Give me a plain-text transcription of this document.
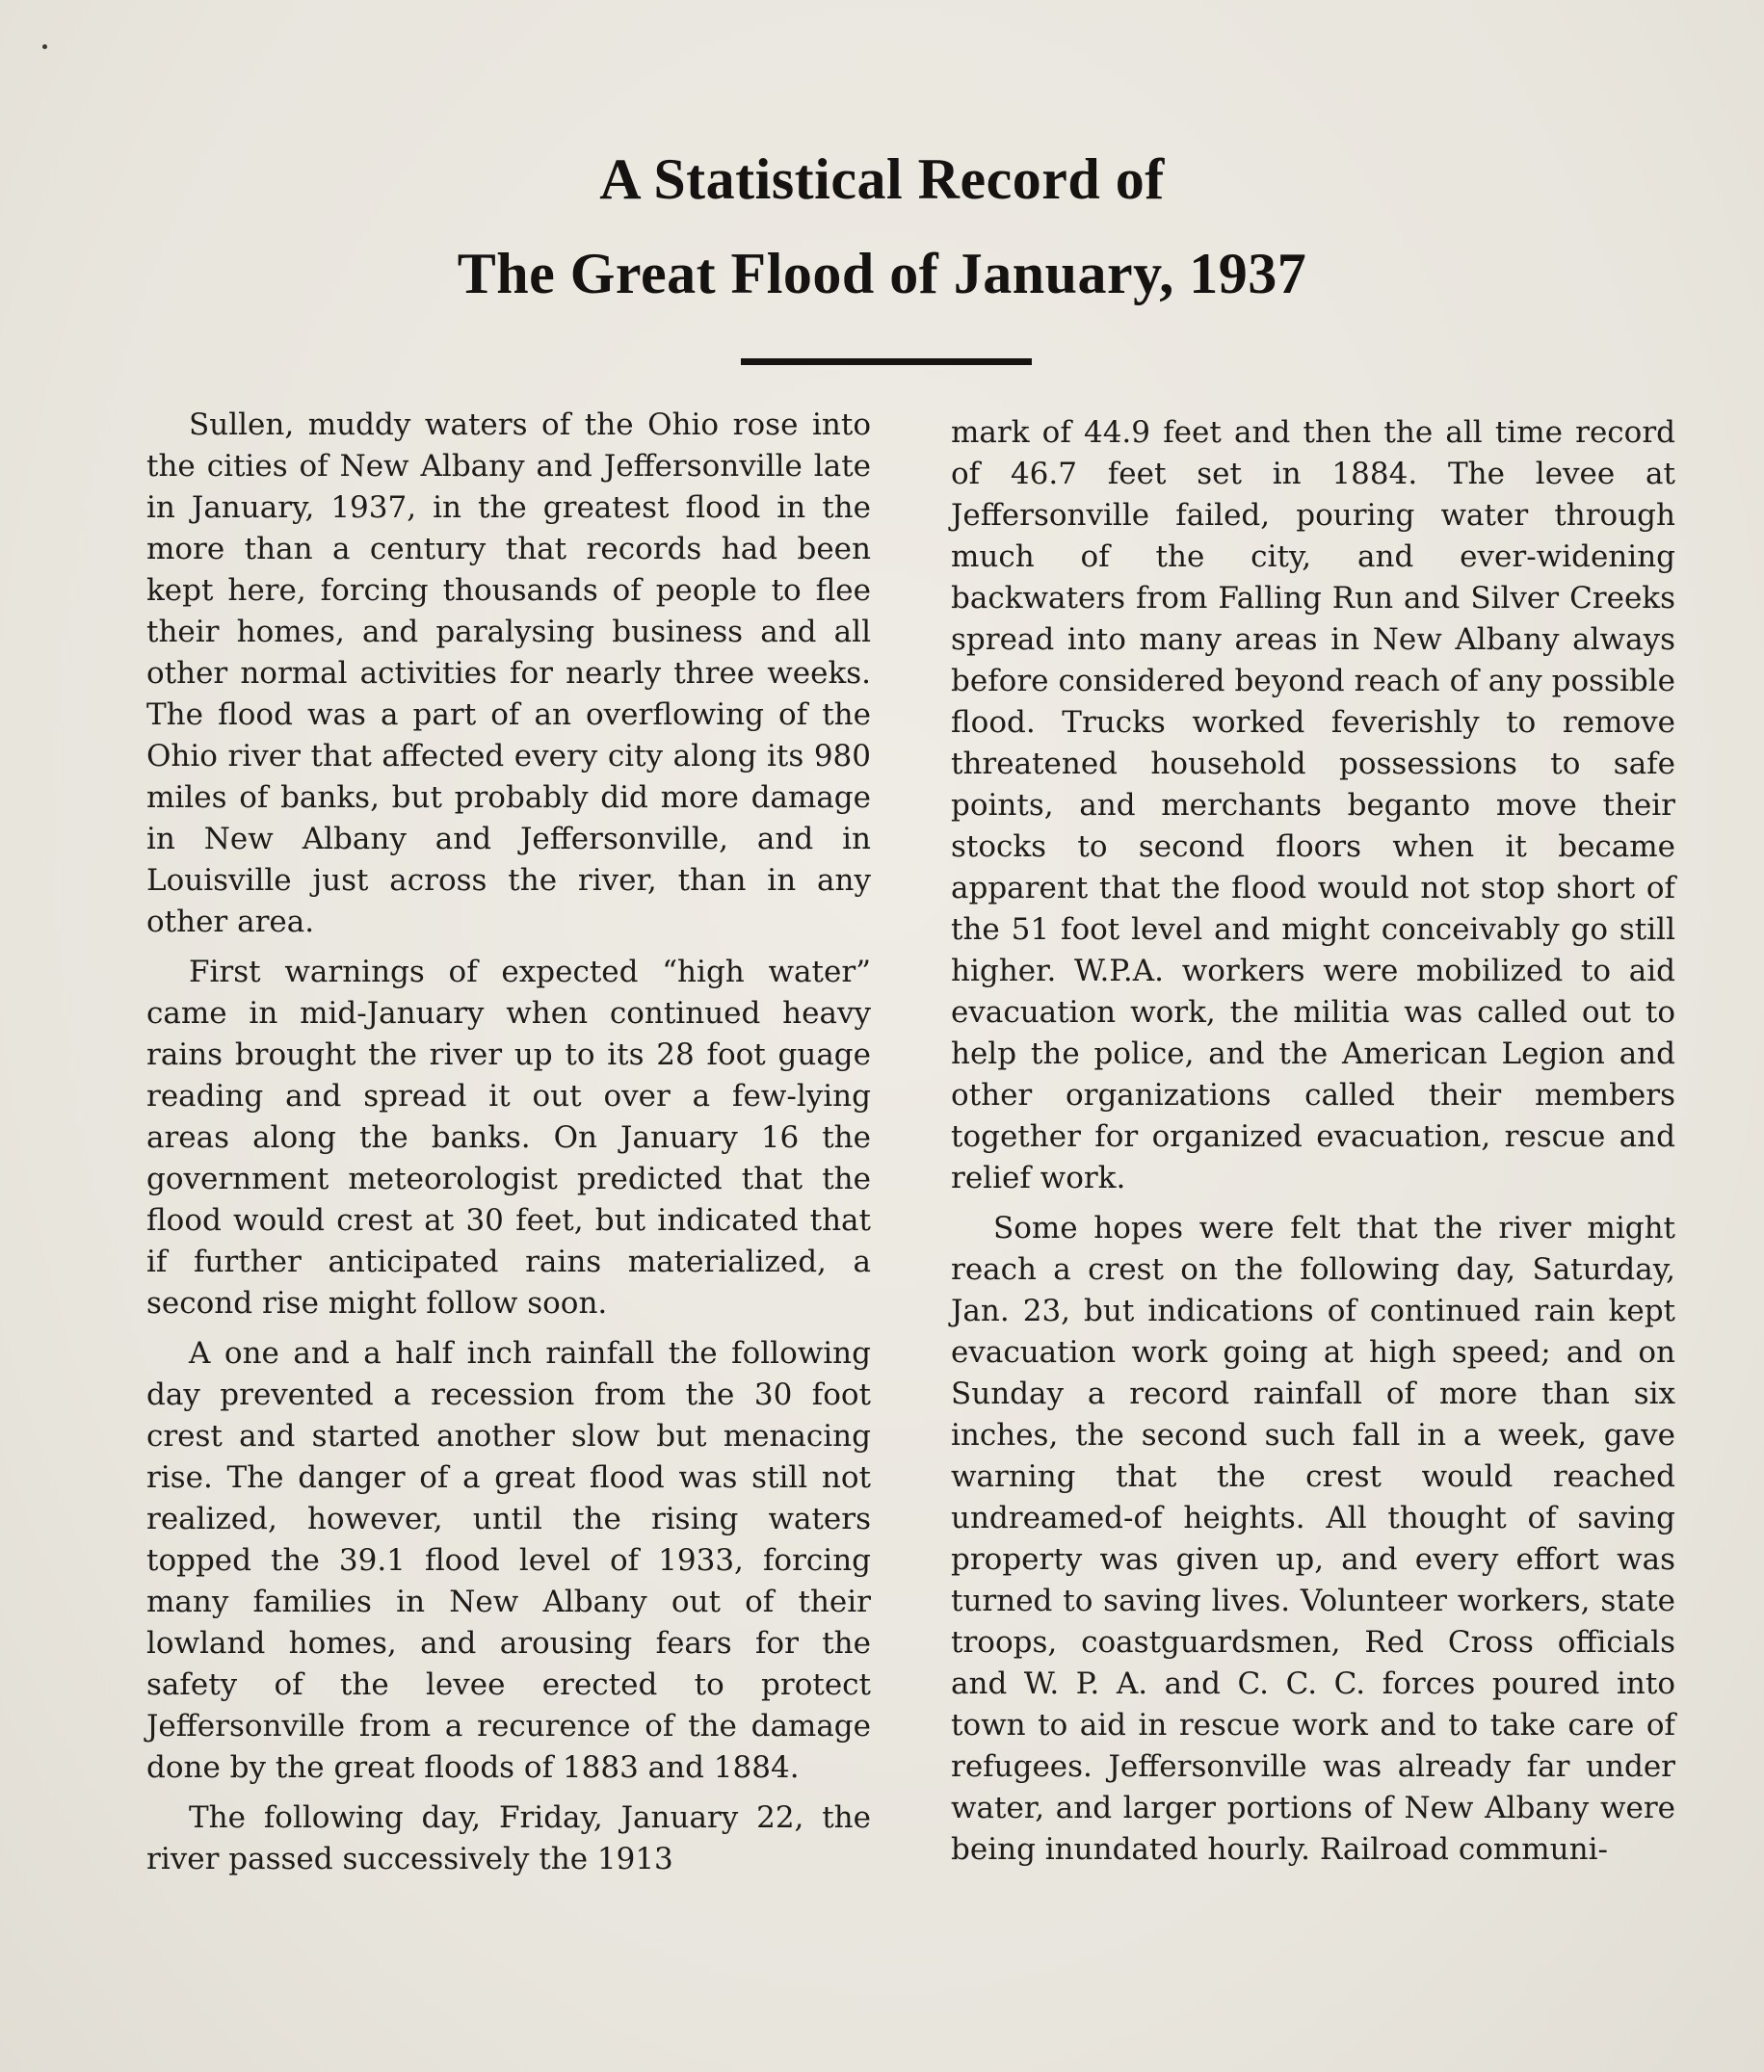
A Statistical Record of
The Great Flood of January, 1937

Sullen, muddy waters of the Ohio rose into the cities of New Albany and Jeffersonville late in January, 1937, in the greatest flood in the more than a century that records had been kept here, forcing thousands of people to flee their homes, and paralysing business and all other normal activities for nearly three weeks. The flood was a part of an overflowing of the Ohio river that affected every city along its 980 miles of banks, but probably did more damage in New Albany and Jeffersonville, and in Louisville just across the river, than in any other area.

First warnings of expected “high water” came in mid-January when continued heavy rains brought the river up to its 28 foot guage reading and spread it out over a few-lying areas along the banks. On January 16 the government meteorologist predicted that the flood would crest at 30 feet, but indicated that if further anticipated rains materialized, a second rise might follow soon.

A one and a half inch rainfall the following day prevented a recession from the 30 foot crest and started another slow but menacing rise. The danger of a great flood was still not realized, however, until the rising waters topped the 39.1 flood level of 1933, forcing many families in New Albany out of their lowland homes, and arousing fears for the safety of the levee erected to protect Jeffersonville from a recurence of the damage done by the great floods of 1883 and 1884.

The following day, Friday, January 22, the river passed successively the 1913

mark of 44.9 feet and then the all time record of 46.7 feet set in 1884. The levee at Jeffersonville failed, pouring water through much of the city, and ever-widening backwaters from Falling Run and Silver Creeks spread into many areas in New Albany always before considered beyond reach of any possible flood. Trucks worked feverishly to remove threatened household possessions to safe points, and merchants beganto move their stocks to second floors when it became apparent that the flood would not stop short of the 51 foot level and might conceivably go still higher. W.P.A. workers were mobilized to aid evacuation work, the militia was called out to help the police, and the American Legion and other organizations called their members together for organized evacuation, rescue and relief work.

Some hopes were felt that the river might reach a crest on the following day, Saturday, Jan. 23, but indications of continued rain kept evacuation work going at high speed; and on Sunday a record rainfall of more than six inches, the second such fall in a week, gave warning that the crest would reached undreamed-of heights. All thought of saving property was given up, and every effort was turned to saving lives. Volunteer workers, state troops, coastguardsmen, Red Cross officials and W. P. A. and C. C. C. forces poured into town to aid in rescue work and to take care of refugees. Jeffersonville was already far under water, and larger portions of New Albany were being inundated hourly. Railroad communi-
